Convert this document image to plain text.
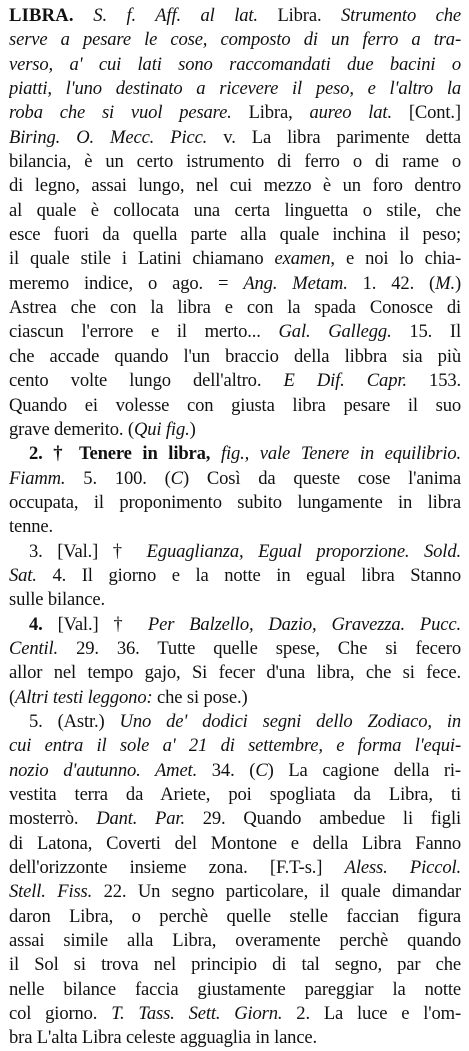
LIBRA. S. f. Aff. al lat. Libra. Strumento che
serve a pesare le cose, composto di un ferro a tra-
verso, a' cui lati sono raccomandati due bacini o
piatti, l'uno destinato a ricevere il peso, e l'altro la
roba che si vuol pesare. Libra, aureo lat. [Cont.]
Biring. O. Mecc. Picc. v. La libra parimente detta
bilancia, è un certo istrumento di ferro o di rame o
di legno, assai lungo, nel cui mezzo è un foro dentro
al quale è collocata una certa linguetta o stile, che
esce fuori da quella parte alla quale inchina il peso;
il quale stile i Latini chiamano examen, e noi lo chia-
meremo indice, o ago. = Ang. Metam. 1. 42. (M.)
Astrea che con la libra e con la spada Conosce di
ciascun l'errore e il merto... Gal. Gallegg. 15. Il
che accade quando l'un braccio della libbra sia più
cento volte lungo dell'altro. E Dif. Capr. 153.
Quando ei volesse con giusta libra pesare il suo
grave demerito. (Qui fig.)
2. † Tenere in libra, fig., vale Tenere in equilibrio.
Fiamm. 5. 100. (C) Così da queste cose l'anima
occupata, il proponimento subito lungamente in libra
tenne.
3. [Val.] † Eguaglianza, Egual proporzione. Sold.
Sat. 4. Il giorno e la notte in egual libra Stanno
sulle bilance.
4. [Val.] † Per Balzello, Dazio, Gravezza. Pucc.
Centil. 29. 36. Tutte quelle spese, Che si fecero
allor nel tempo gajo, Si fecer d'una libra, che si fece.
(Altri testi leggono: che si pose.)
5. (Astr.) Uno de' dodici segni dello Zodiaco, in
cui entra il sole a' 21 di settembre, e forma l'equi-
nozio d'autunno. Amet. 34. (C) La cagione della ri-
vestita terra da Ariete, poi spogliata da Libra, ti
mosterrò. Dant. Par. 29. Quando ambedue li figli
di Latona, Coverti del Montone e della Libra Fanno
dell'orizzonte insieme zona. [F.T-s.] Aless. Piccol.
Stell. Fiss. 22. Un segno particolare, il quale dimandar
daron Libra, o perchè quelle stelle faccian figura
assai simile alla Libra, overamente perchè quando
il Sol si trova nel principio di tal segno, par che
nelle bilance faccia giustamente pareggiar la notte
col giorno. T. Tass. Sett. Giorn. 2. La luce e l'om-
bra L'alta Libra celeste agguaglia in lance.
